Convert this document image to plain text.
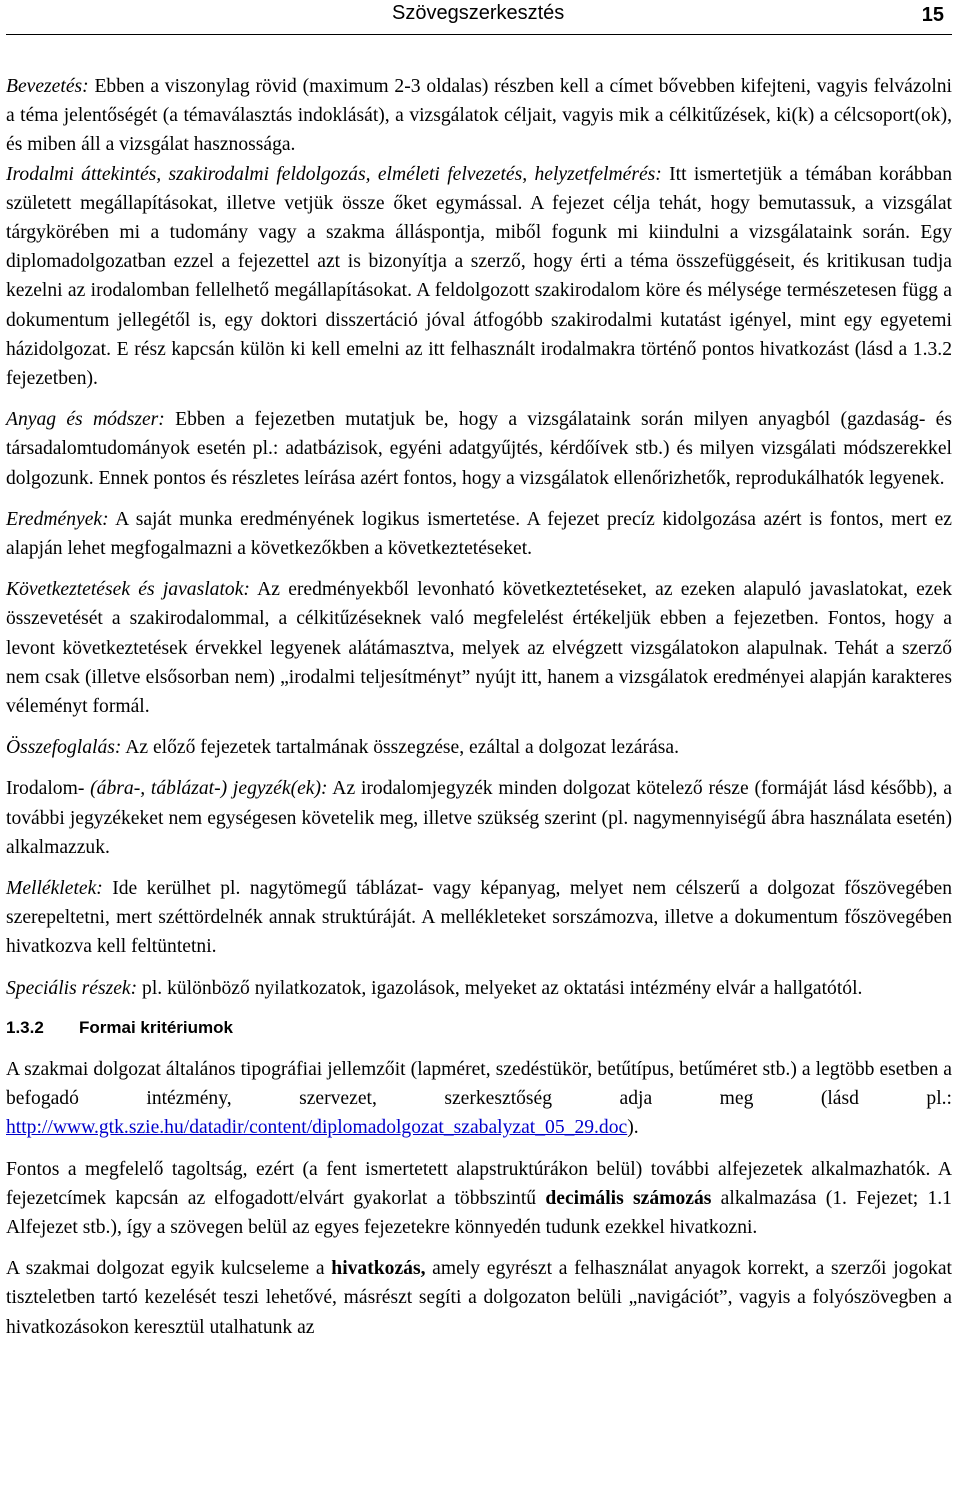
Szövegszerkesztés	15

Bevezetés: Ebben a viszonylag rövid (maximum 2-3 oldalas) részben kell a címet bővebben kifejteni, vagyis felvázolni a téma jelentőségét (a témaválasztás indoklását), a vizsgálatok céljait, vagyis mik a célkitűzések, ki(k) a célcsoport(ok), és miben áll a vizsgálat hasznossága.

Irodalmi áttekintés, szakirodalmi feldolgozás, elméleti felvezetés, helyzetfelmérés: Itt ismertetjük a témában korábban született megállapításokat, illetve vetjük össze őket egymással. A fejezet célja tehát, hogy bemutassuk, a vizsgálat tárgykörében mi a tudomány vagy a szakma álláspontja, miből fogunk mi kiindulni a vizsgálataink során. Egy diplomadolgozatban ezzel a fejezettel azt is bizonyítja a szerző, hogy érti a téma összefüggéseit, és kritikusan tudja kezelni az irodalomban fellelhető megállapításokat. A feldolgozott szakirodalom köre és mélysége természetesen függ a dokumentum jellegétől is, egy doktori disszertáció jóval átfogóbb szakirodalmi kutatást igényel, mint egy egyetemi házidolgozat. E rész kapcsán külön ki kell emelni az itt felhasznált irodalmakra történő pontos hivatkozást (lásd a 1.3.2 fejezetben).

Anyag és módszer: Ebben a fejezetben mutatjuk be, hogy a vizsgálataink során milyen anyagból (gazdaság- és társadalomtudományok esetén pl.: adatbázisok, egyéni adatgyűjtés, kérdőívek stb.) és milyen vizsgálati módszerekkel dolgozunk. Ennek pontos és részletes leírása azért fontos, hogy a vizsgálatok ellenőrizhetők, reprodukálhatók legyenek.

Eredmények: A saját munka eredményének logikus ismertetése. A fejezet precíz kidolgozása azért is fontos, mert ez alapján lehet megfogalmazni a következőkben a következtetéseket.

Következtetések és javaslatok: Az eredményekből levonható következtetéseket, az ezeken alapuló javaslatokat, ezek összevetését a szakirodalommal, a célkitűzéseknek való megfelelést értékeljük ebben a fejezetben. Fontos, hogy a levont következtetések érvekkel legyenek alátámasztva, melyek az elvégzett vizsgálatokon alapulnak. Tehát a szerző nem csak (illetve elsősorban nem) „irodalmi teljesítményt” nyújt itt, hanem a vizsgálatok eredményei alapján karakteres véleményt formál.

Összefoglalás: Az előző fejezetek tartalmának összegzése, ezáltal a dolgozat lezárása.

Irodalom- (ábra-, táblázat-) jegyzék(ek): Az irodalomjegyzék minden dolgozat kötelező része (formáját lásd később), a további jegyzékeket nem egységesen követelik meg, illetve szükség szerint (pl. nagymennyiségű ábra használata esetén) alkalmazzuk.

Mellékletek: Ide kerülhet pl. nagytömegű táblázat- vagy képanyag, melyet nem célszerű a dolgozat főszövegében szerepeltetni, mert széttördelnék annak struktúráját. A mellékleteket sorszámozva, illetve a dokumentum főszövegében hivatkozva kell feltüntetni.

Speciális részek: pl. különböző nyilatkozatok, igazolások, melyeket az oktatási intézmény elvár a hallgatótól.

1.3.2 Formai kritériumok

A szakmai dolgozat általános tipográfiai jellemzőit (lapméret, szedéstükör, betűtípus, betűméret stb.) a legtöbb esetben a befogadó intézmény, szervezet, szerkesztőség adja meg (lásd pl.: http://www.gtk.szie.hu/datadir/content/diplomadolgozat_szabalyzat_05_29.doc).

Fontos a megfelelő tagoltság, ezért (a fent ismertetett alapstruktúrákon belül) további alfejezetek alkalmazhatók. A fejezetcímek kapcsán az elfogadott/elvárt gyakorlat a többszintű decimális számozás alkalmazása (1. Fejezet; 1.1 Alfejezet stb.), így a szövegen belül az egyes fejezetekre könnyedén tudunk ezekkel hivatkozni.

A szakmai dolgozat egyik kulcseleme a hivatkozás, amely egyrészt a felhasználat anyagok korrekt, a szerzői jogokat tiszteletben tartó kezelését teszi lehetővé, másrészt segíti a dolgozaton belüli „navigációt”, vagyis a folyószövegben a hivatkozásokon keresztül utalhatunk az
